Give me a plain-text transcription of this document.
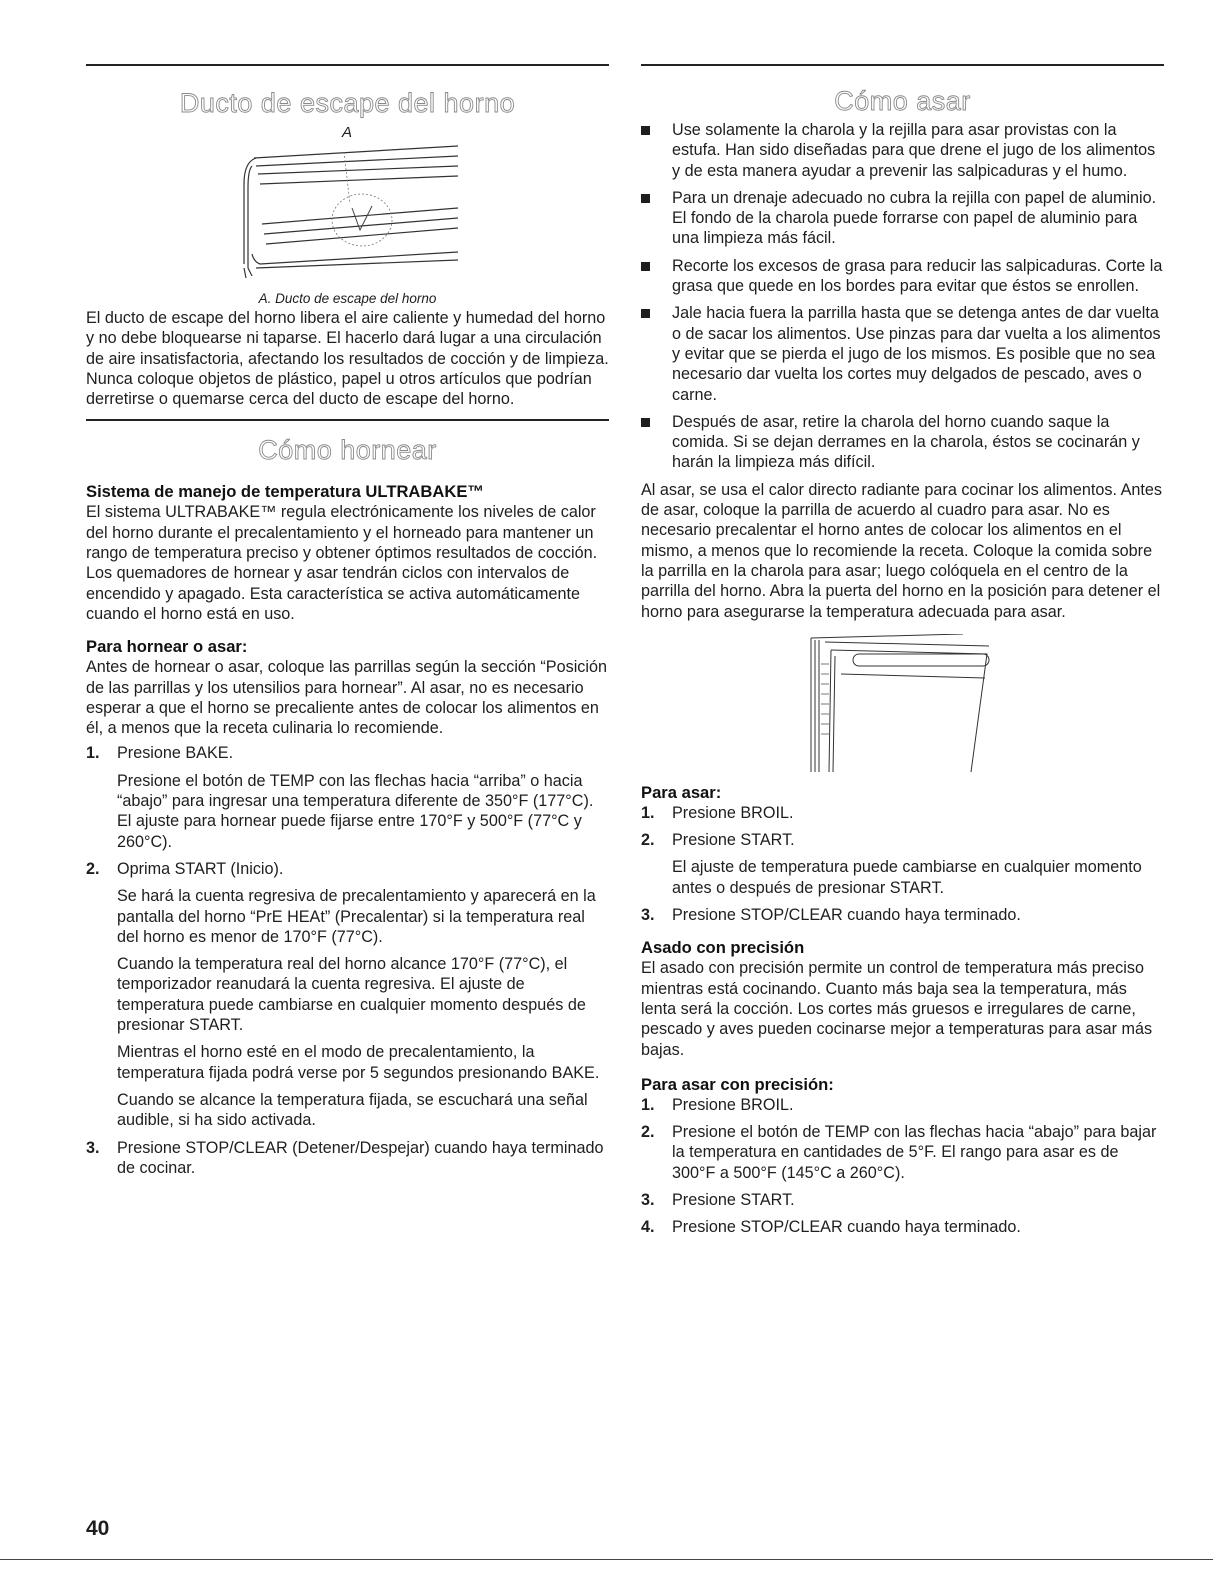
Ducto de escape del horno
A
A. Ducto de escape del horno

El ducto de escape del horno libera el aire caliente y humedad del horno y no debe bloquearse ni taparse. El hacerlo dará lugar a una circulación de aire insatisfactoria, afectando los resultados de cocción y de limpieza. Nunca coloque objetos de plástico, papel u otros artículos que podrían derretirse o quemarse cerca del ducto de escape del horno.

Cómo hornear
Sistema de manejo de temperatura ULTRABAKE™

El sistema ULTRABAKE™ regula electrónicamente los niveles de calor del horno durante el precalentamiento y el horneado para mantener un rango de temperatura preciso y obtener óptimos resultados de cocción. Los quemadores de hornear y asar tendrán ciclos con intervalos de encendido y apagado. Esta característica se activa automáticamente cuando el horno está en uso.

Para hornear o asar:

Antes de hornear o asar, coloque las parrillas según la sección “Posición de las parrillas y los utensilios para hornear”. Al asar, no es necesario esperar a que el horno se precaliente antes de colocar los alimentos en él, a menos que la receta culinaria lo recomiende.

1. Presione BAKE.
Presione el botón de TEMP con las flechas hacia “arriba” o hacia “abajo” para ingresar una temperatura diferente de 350°F (177°C). El ajuste para hornear puede fijarse entre 170°F y 500°F (77°C y 260°C).
2. Oprima START (Inicio).
Se hará la cuenta regresiva de precalentamiento y aparecerá en la pantalla del horno “PrE HEAt” (Precalentar) si la temperatura real del horno es menor de 170°F (77°C).
Cuando la temperatura real del horno alcance 170°F (77°C), el temporizador reanudará la cuenta regresiva. El ajuste de temperatura puede cambiarse en cualquier momento después de presionar START.
Mientras el horno esté en el modo de precalentamiento, la temperatura fijada podrá verse por 5 segundos presionando BAKE.
Cuando se alcance la temperatura fijada, se escuchará una señal audible, si ha sido activada.
3. Presione STOP/CLEAR (Detener/Despejar) cuando haya terminado de cocinar.
Cómo asar
Use solamente la charola y la rejilla para asar provistas con la estufa. Han sido diseñadas para que drene el jugo de los alimentos y de esta manera ayudar a prevenir las salpicaduras y el humo.
Para un drenaje adecuado no cubra la rejilla con papel de aluminio. El fondo de la charola puede forrarse con papel de aluminio para una limpieza más fácil.
Recorte los excesos de grasa para reducir las salpicaduras. Corte la grasa que quede en los bordes para evitar que éstos se enrollen.
Jale hacia fuera la parrilla hasta que se detenga antes de dar vuelta o de sacar los alimentos. Use pinzas para dar vuelta a los alimentos y evitar que se pierda el jugo de los mismos. Es posible que no sea necesario dar vuelta los cortes muy delgados de pescado, aves o carne.
Después de asar, retire la charola del horno cuando saque la comida. Si se dejan derrames en la charola, éstos se cocinarán y harán la limpieza más difícil.

Al asar, se usa el calor directo radiante para cocinar los alimentos. Antes de asar, coloque la parrilla de acuerdo al cuadro para asar. No es necesario precalentar el horno antes de colocar los alimentos en el mismo, a menos que lo recomiende la receta. Coloque la comida sobre la parrilla en la charola para asar; luego colóquela en el centro de la parrilla del horno. Abra la puerta del horno en la posición para detener el horno para asegurarse la temperatura adecuada para asar.

Para asar:
1. Presione BROIL.
2. Presione START.
El ajuste de temperatura puede cambiarse en cualquier momento antes o después de presionar START.
3. Presione STOP/CLEAR cuando haya terminado.
Asado con precisión

El asado con precisión permite un control de temperatura más preciso mientras está cocinando. Cuanto más baja sea la temperatura, más lenta será la cocción. Los cortes más gruesos e irregulares de carne, pescado y aves pueden cocinarse mejor a temperaturas para asar más bajas.

Para asar con precisión:
1. Presione BROIL.
2. Presione el botón de TEMP con las flechas hacia “abajo” para bajar la temperatura en cantidades de 5°F. El rango para asar es de 300°F a 500°F (145°C a 260°C).
3. Presione START.
4. Presione STOP/CLEAR cuando haya terminado.
40
